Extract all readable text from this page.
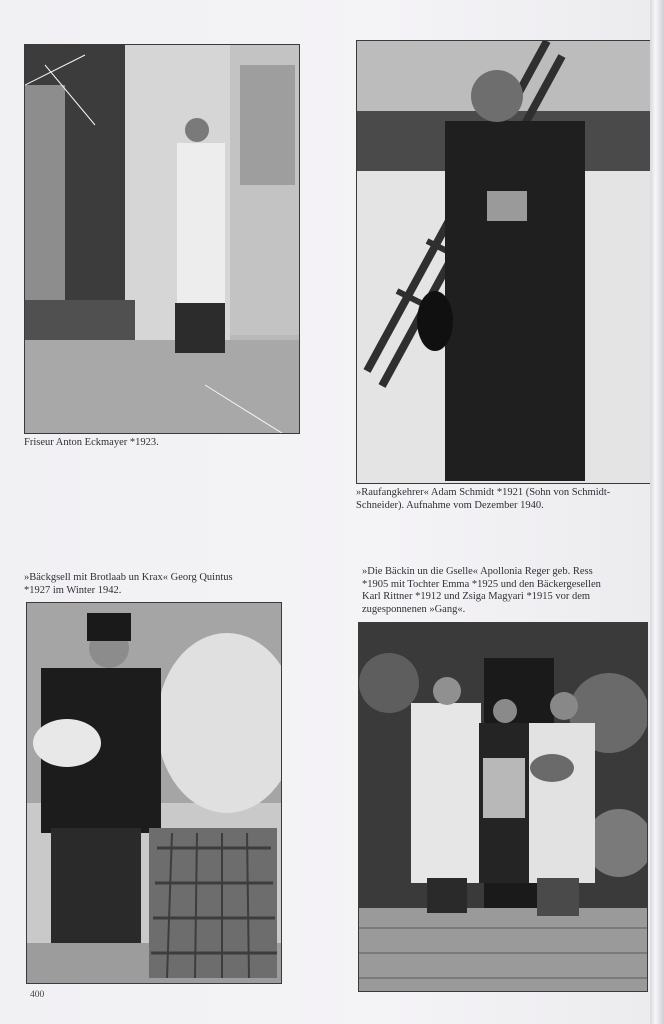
Friseur Anton Eckmayer *1923.

»Raufangkehrer« Adam Schmidt *1921 (Sohn von Schmidt-
Schneider). Aufnahme vom Dezember 1940.

»Bäckgsell mit Brotlaab un Krax« Georg Quintus
*1927 im Winter 1942.

»Die Bäckin un die Gselle« Apollonia Reger geb. Ress
*1905 mit Tochter Emma *1925 und den Bäckergesellen
Karl Rittner *1912 und Zsiga Magyari *1915 vor dem
zugesponnenen »Gang«.

400
